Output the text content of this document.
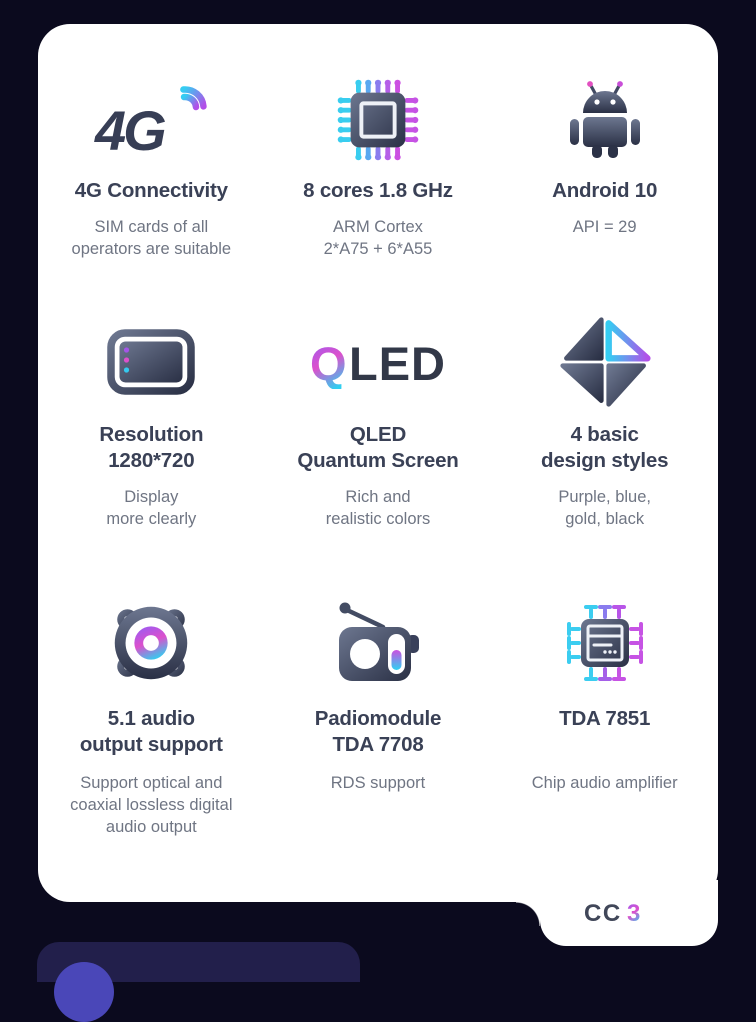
CC 3
4G
4G Connectivity
SIM cards of all
operators are suitable
8 cores 1.8 GHz
ARM Cortex
2*A75 + 6*A55
Android 10
API = 29
Resolution
1280*720
Display
more clearly
Q LED
QLED
Quantum Screen
Rich and
realistic colors
4 basic
design styles
Purple, blue,
gold, black
5.1 audio
output support
Support optical and
coaxial lossless digital
audio output
Padiomodule
TDA 7708
RDS support
TDA 7851
Chip audio amplifier
